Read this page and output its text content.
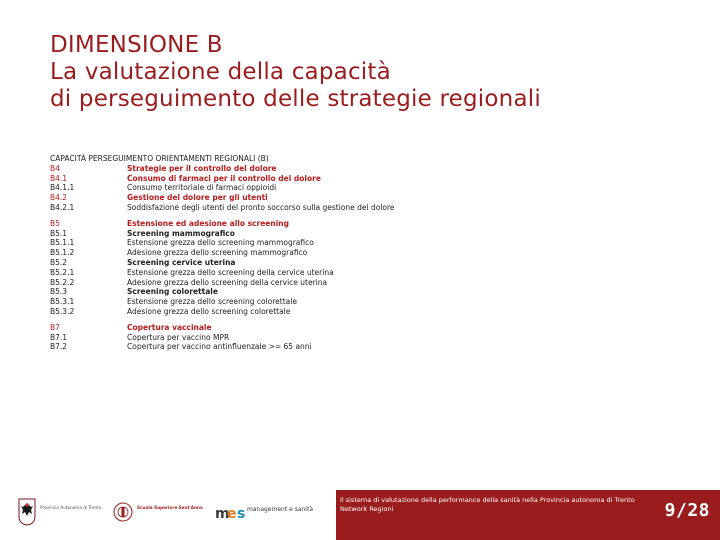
DIMENSIONE B
La valutazione della capacità
di perseguimento delle strategie regionali
CAPACITÀ PERSEGUIMENTO ORIENTAMENTI REGIONALI (B)
B4	Strategie per il controllo del dolore
B4.1	Consumo di farmaci per il controllo del dolore
B4.1.1	Consumo territoriale di farmaci oppioidi
B4.2	Gestione del dolore per gli utenti
B4.2.1	Soddisfazione degli utenti del pronto soccorso sulla gestione del dolore
B5	Estensione ed adesione allo screening
B5.1	Screening mammografico
B5.1.1	Estensione grezza dello screening mammografico
B5.1.2	Adesione grezza dello screening mammografico
B5.2	Screening cervice uterina
B5.2.1	Estensione grezza dello screening della cervice uterina
B5.2.2	Adesione grezza dello screening della cervice uterina
B5.3	Screening colorettale
B5.3.1	Estensione grezza dello screening colorettale
B5.3.2	Adesione grezza dello screening colorettale
B7	Copertura vaccinale
B7.1	Copertura per vaccino MPR
B7.2	Copertura per vaccino antinfluenzale >= 65 anni
Provincia Autonoma di Trento	Scuola Superiore Sant'Anna m
e s management e sanità
Il sistema di valutazione della performance della sanità nella Provincia autonoma di Trento
Network Regioni	9/28
